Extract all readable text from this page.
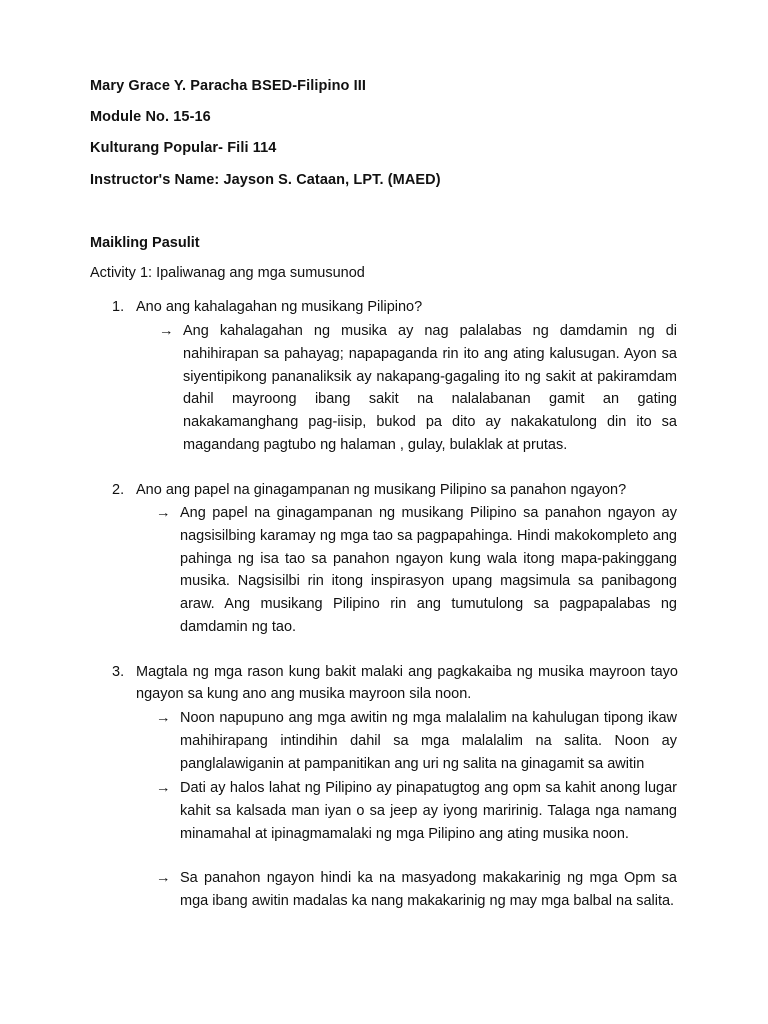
Mary Grace Y. Paracha BSED-Filipino III
Module No. 15-16
Kulturang Popular- Fili 114
Instructor's Name: Jayson S. Cataan, LPT. (MAED)
Maikling Pasulit
Activity 1: Ipaliwanag ang mga sumusunod
1. Ano ang kahalagahan ng musikang Pilipino?
→ Ang kahalagahan ng musika ay nag palalabas ng damdamin ng di nahihirapan sa pahayag; napapaganda rin ito ang ating kalusugan. Ayon sa siyentipikong pananaliksik ay nakapang-gagaling ito ng sakit at pakiramdam dahil mayroong ibang sakit na nalalabanan gamit an gating nakakamanghang pag-iisip, bukod pa dito ay nakakatulong din ito sa magandang pagtubo ng halaman , gulay, bulaklak at prutas.
2. Ano ang papel na ginagampanan ng musikang Pilipino sa panahon ngayon?
→ Ang papel na ginagampanan ng musikang Pilipino sa panahon ngayon ay nagsisilbing karamay ng mga tao sa pagpapahinga. Hindi makokompleto ang pahinga ng isa tao sa panahon ngayon kung wala itong mapa-pakinggang musika. Nagsisilbi rin itong inspirasyon upang magsimula sa panibagong araw. Ang musikang Pilipino rin ang tumutulong sa pagpapalabas ng damdamin ng tao.
3. Magtala ng mga rason kung bakit malaki ang pagkakaiba ng musika mayroon tayo ngayon sa kung ano ang musika mayroon sila noon.
→ Noon napupuno ang mga awitin ng mga malalalim na kahulugan tipong ikaw mahihirapang intindihin dahil sa mga malalalim na salita. Noon ay panglalawiganin at pampanitikan ang uri ng salita na ginagamit sa awitin
→ Dati ay halos lahat ng Pilipino ay pinapatugtog ang opm sa kahit anong lugar kahit sa kalsada man iyan o sa jeep ay iyong maririnig. Talaga nga namang minamahal at ipinagmamalaki ng mga Pilipino ang ating musika noon.
→ Sa panahon ngayon hindi ka na masyadong makakarinig ng mga Opm sa mga ibang awitin madalas ka nang makakarinig ng may mga balbal na salita.
